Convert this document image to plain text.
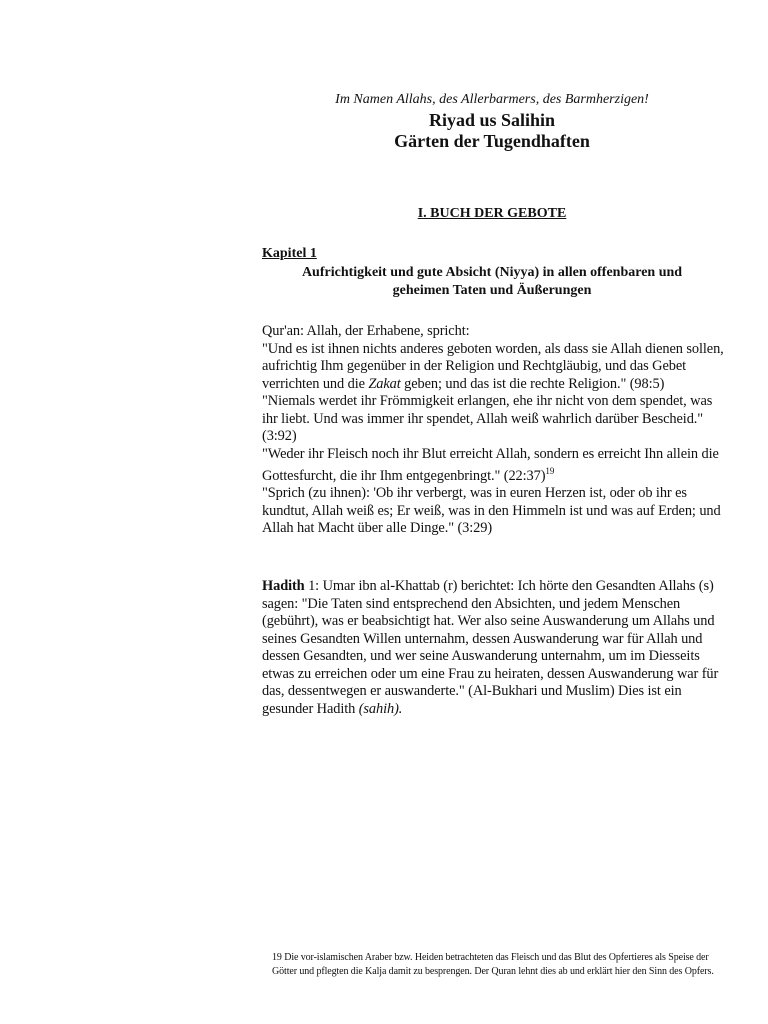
Im Namen Allahs, des Allerbarmers, des Barmherzigen!
Riyad us Salihin
Gärten der Tugendhaften
I. BUCH DER GEBOTE
Kapitel 1
Aufrichtigkeit und gute Absicht (Niyya) in allen offenbaren und
geheimen Taten und Äußerungen

Qur'an: Allah, der Erhabene, spricht:

"Und es ist ihnen nichts anderes geboten worden, als dass sie Allah dienen sollen, aufrichtig Ihm gegenüber in der Religion und Rechtgläubig, und das Gebet verrichten und die Zakat geben; und das ist die rechte Religion." (98:5)

"Niemals werdet ihr Frömmigkeit erlangen, ehe ihr nicht von dem spendet, was ihr liebt. Und was immer ihr spendet, Allah weiß wahrlich darüber Bescheid." (3:92)

"Weder ihr Fleisch noch ihr Blut erreicht Allah, sondern es erreicht Ihn allein die Gottesfurcht, die ihr Ihm entgegenbringt." (22:37)$^{19}$

"Sprich (zu ihnen): 'Ob ihr verbergt, was in euren Herzen ist, oder ob ihr es kundtut, Allah weiß es; Er weiß, was in den Himmeln ist und was auf Erden; und Allah hat Macht über alle Dinge." (3:29)

Hadith 1: Umar ibn al-Khattab (r) berichtet: Ich hörte den Gesandten Allahs (s) sagen: "Die Taten sind entsprechend den Absichten, und jedem Menschen (gebührt), was er beabsichtigt hat. Wer also seine Auswanderung um Allahs und seines Gesandten Willen unternahm, dessen Auswanderung war für Allah und dessen Gesandten, und wer seine Auswanderung unternahm, um im Diesseits etwas zu erreichen oder um eine Frau zu heiraten, dessen Auswanderung war für das, dessentwegen er auswanderte." (Al-Bukhari und Muslim) Dies ist ein gesunder Hadith (sahih).

19 Die vor-islamischen Araber bzw. Heiden betrachteten das Fleisch und das Blut des Opfertieres als Speise der Götter und pflegten die Kalja damit zu besprengen. Der Quran lehnt dies ab und erklärt hier den Sinn des Opfers.
